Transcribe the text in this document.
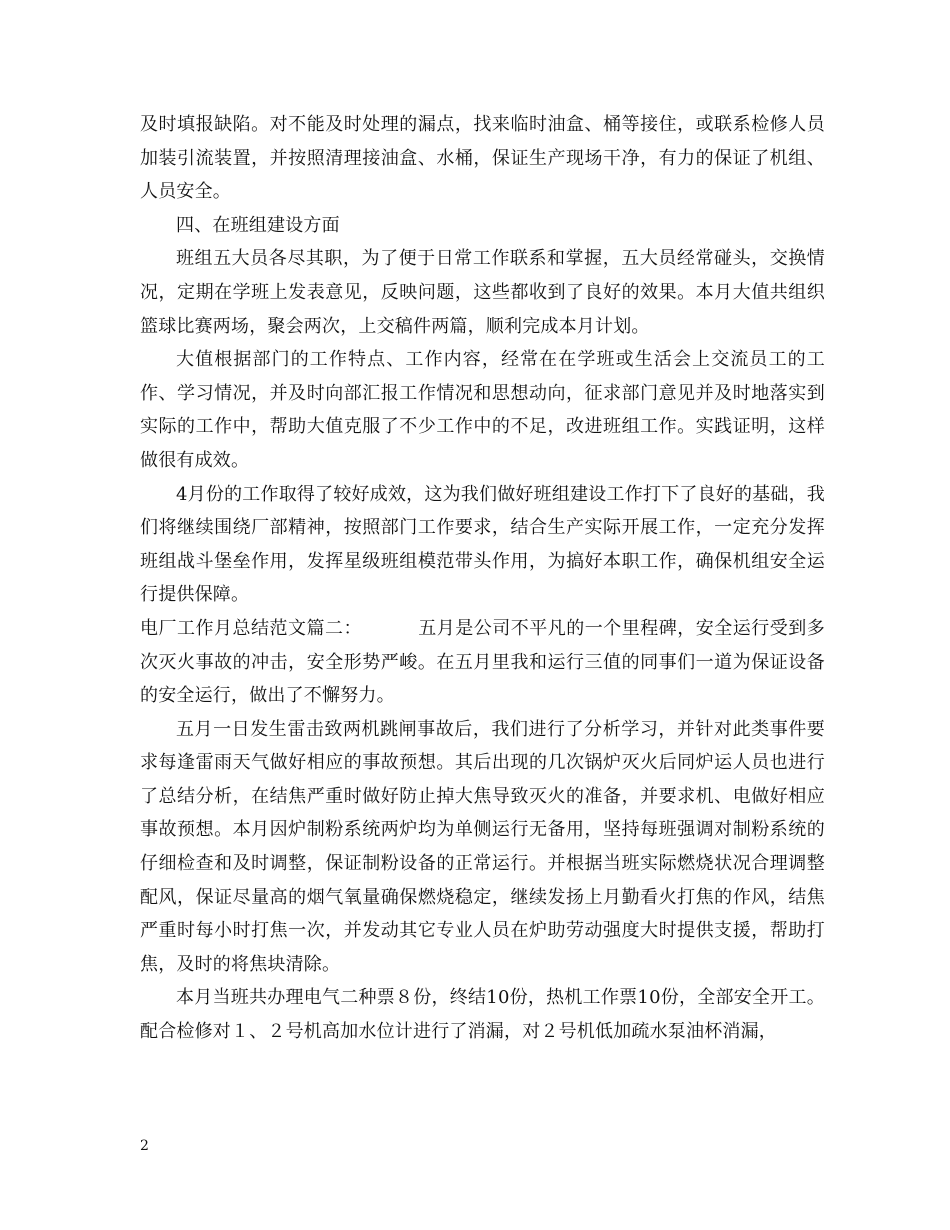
及时填报缺陷。对不能及时处理的漏点，找来临时油盒、桶等接住，或联系检修人员加装引流装置，并按照清理接油盒、水桶，保证生产现场干净，有力的保证了机组、人员安全。

四、在班组建设方面

班组五大员各尽其职，为了便于日常工作联系和掌握，五大员经常碰头，交换情况，定期在学班上发表意见，反映问题，这些都收到了良好的效果。本月大值共组织篮球比赛两场，聚会两次，上交稿件两篇，顺利完成本月计划。

大值根据部门的工作特点、工作内容，经常在在学班或生活会上交流员工的工作、学习情况，并及时向部汇报工作情况和思想动向，征求部门意见并及时地落实到实际的工作中，帮助大值克服了不少工作中的不足，改进班组工作。实践证明，这样做很有成效。

4月份的工作取得了较好成效，这为我们做好班组建设工作打下了良好的基础，我们将继续围绕厂部精神，按照部门工作要求，结合生产实际开展工作，一定充分发挥班组战斗堡垒作用，发挥星级班组模范带头作用，为搞好本职工作，确保机组安全运行提供保障。

电厂工作月总结范文篇二：	五月是公司不平凡的一个里程碑，安全运行受到多次灭火事故的冲击，安全形势严峻。在五月里我和运行三值的同事们一道为保证设备的安全运行，做出了不懈努力。

五月一日发生雷击致两机跳闸事故后，我们进行了分析学习，并针对此类事件要求每逢雷雨天气做好相应的事故预想。其后出现的几次锅炉灭火后同炉运人员也进行了总结分析，在结焦严重时做好防止掉大焦导致灭火的准备，并要求机、电做好相应事故预想。本月因炉制粉系统两炉均为单侧运行无备用，坚持每班强调对制粉系统的仔细检查和及时调整，保证制粉设备的正常运行。并根据当班实际燃烧状况合理调整配风，保证尽量高的烟气氧量确保燃烧稳定，继续发扬上月勤看火打焦的作风，结焦严重时每小时打焦一次，并发动其它专业人员在炉助劳动强度大时提供支援，帮助打焦，及时的将焦块清除。

本月当班共办理电气二种票８份，终结10份，热机工作票10份，全部安全开工。配合检修对１、２号机高加水位计进行了消漏，对２号机低加疏水泵油杯消漏，

2
